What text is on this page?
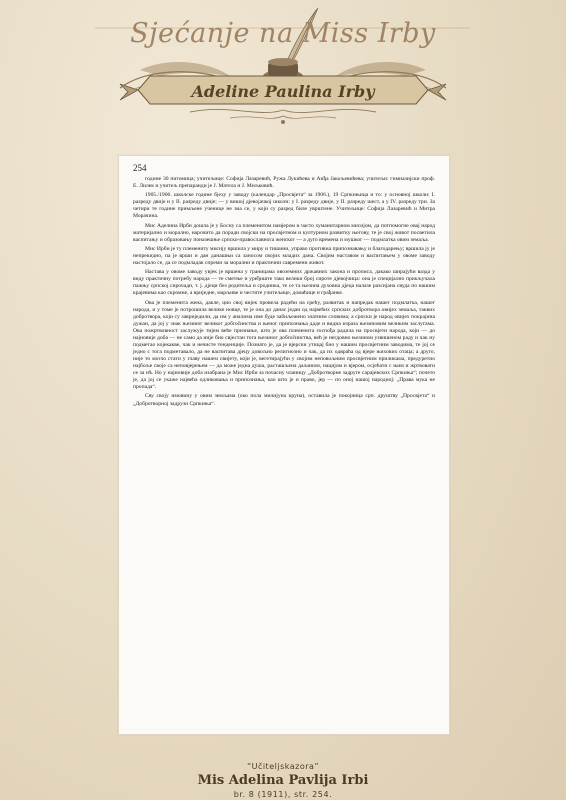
Sjećanje na Miss Irby
Adeline Paulina Irby
254

годинe 30 питомица; учитељице: Софија Лазаревић, Ружа Лукићева и Анђа Јакољевићева; учитељи: гимназијски проф. Е. Лилек и учитељ препаранди је Ј. Матела и Ј. Миљковић.

1905./1906. школске године бјеху у заводу (календар „Просвјета“ за 1906.), 19 Српкињица и то: у основној школи: I. разреду двије и у II. разреду двије; — у вишој дјевојачкој школи: у I. разреду двије, у II. разреду шест, а у IV. разреду три. За четири те године примљене ученице не зна се, у који су разред биле уврштене. Учитељице: Софија Лазаревић и Митра Морачина.

Мис Аделина Ирби дошла је у Босну са племенитом намјером и часто хуманитарном мисијом, да потпомогне овај народ материјално и морално, нарочито да поради својски на просвјетном и културном развитку његову, те је свој живот посветила васпитању и образовању поназешње српско-православнога женског — а дуго времена и мушког — подмлатка овим земаља.

Мис Ирби је ту племениту мисију вршила у миру и тишини, управо противна припознавању и благодарењу; вршила ју је непрекидно, па је врши и дан данашњи са заносом својих младих дана. Својим наставом и васпитањем у овоме заводу настојало се, да се подмладак спреми за морални и практични савремени живот.

Настава у овоме заводу увјек је вршена у границама овоземних државних закона и прописа, дакако ширајући вазда у виду практичну потребу народа — те сметње и уређиште тако велики број сироте дјевојчица: она је специјално прикључала пажњу српској сирочади, т. ј. дјеци без родитеља и сродника, те се та њезина духовна дјеца налазе разсијана свуда по нашим крајевима као скромне, а вриједне, марљиве и честите учитељице, домаћице и грађанке.

Ова је племенита жена, дакле, цио свој вијек провела радећи на срећу, развитак и напредак нашег подмлатка, нашег народа, и у томе је потрошила велике новце, те је она до данас један од највећих српских добротвора овијех земаља, таквих добротвора, који су завриједили, да им у аналима име буде забиљежено златним словима; а српски је народ овијех покрајина дужан, да јој у знак њезиног великог добročинства и њеног припознања даде и видна израза њезиновим великим заслугама. Ова пожртвовност заслужује тијем веће признање, што је ова племенита госпођа радила на просвјети народа, који — до најновије доба — не само да није био свјестан тога њезиног добročинства, већ је негдовно њезином узвишеном раду и чак ну подметао којекакве, чак и нечисте тенденције. Познато је, да је вјерски утицај био у нашим просвјетним заводима, те јој се једно с тога подметавало, да не васпитава дјецу довољно религиозно и чак, да их одвраћа од вјере њихових отаца; а друго, није то могло стати у главу нашем свијету, који је, вегетирајући у својим неповољним просвјетним приликама, предуретио најбоље своје са неповјерењем — да може једна душа, расташљена даљином, нацијом и вјером, осјећати с њим и жртвовати се за нѣ. Но у најновије доба изабрана је Мис Ирби за почасну чланицу „Добротворне задруге сарајевских Српкиња“; почето је, да јој се укаже највећа одликовања и припознања, као што је и право, јер — по оној нашој народној: „Права мука не пропада“.

Сву своју имовину у овим земљама (око пола милијуна круна), оставила је покојница срп. друштву „Просвјета“ и „Добротворној задрузи Српкиња“.

“Učiteljskazora”
Mis Adelina Pavlija Irbi
br. 8 (1911), str. 254.
